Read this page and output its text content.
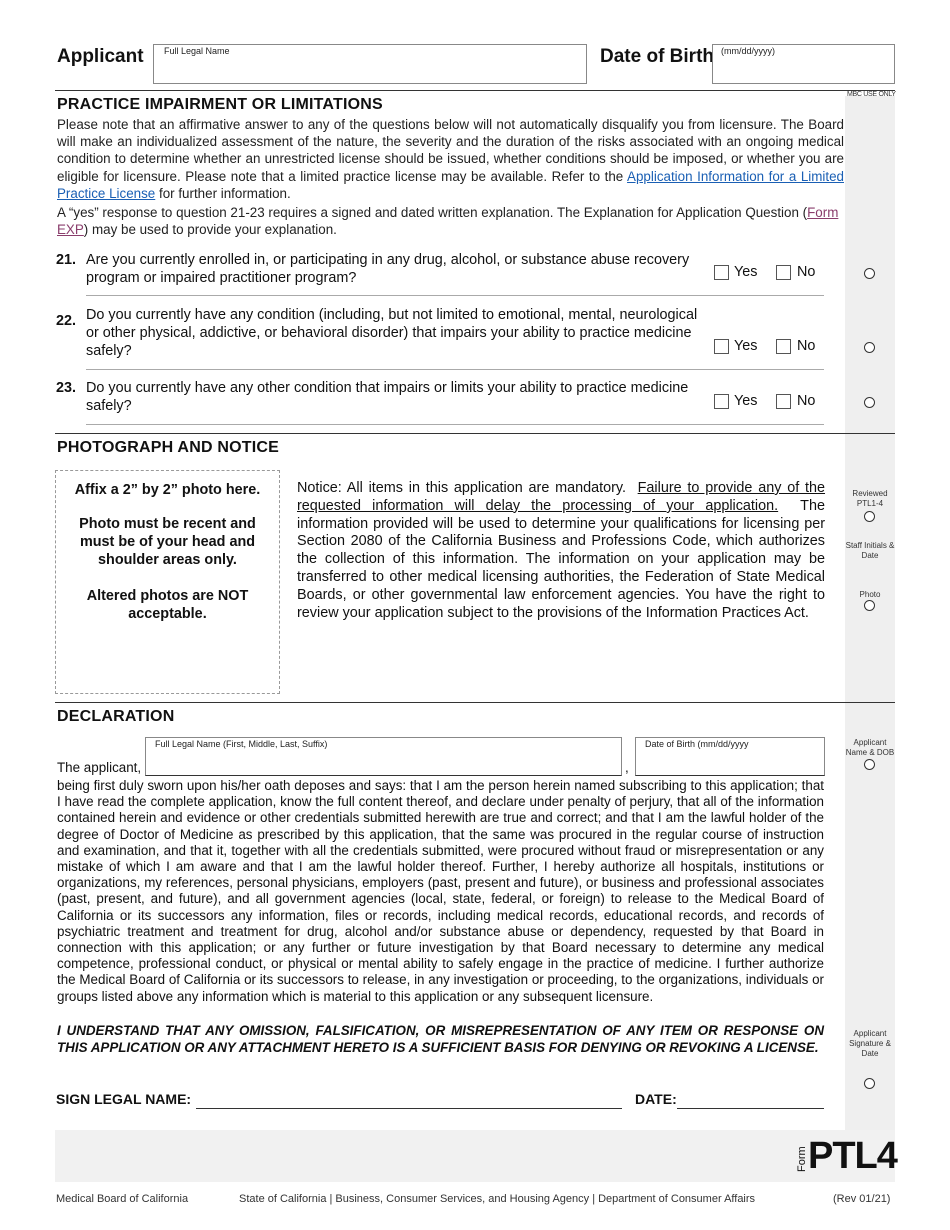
Applicant Full Legal Name	Date of Birth (mm/dd/yyyy)
MBC USE ONLY
PRACTICE IMPAIRMENT OR LIMITATIONS
Please note that an affirmative answer to any of the questions below will not automatically disqualify you from licensure. The Board will make an individualized assessment of the nature, the severity and the duration of the risks associated with an ongoing medical condition to determine whether an unrestricted license should be issued, whether conditions should be imposed, or whether you are eligible for licensure. Please note that a limited practice license may be available. Refer to the Application Information for a Limited Practice License for further information.
A “yes” response to question 21-23 requires a signed and dated written explanation. The Explanation for Application Question (Form EXP) may be used to provide your explanation.
21. Are you currently enrolled in, or participating in any drug, alcohol, or substance abuse recovery program or impaired practitioner program?	Yes	No
22. Do you currently have any condition (including, but not limited to emotional, mental, neurological or other physical, addictive, or behavioral disorder) that impairs your ability to practice medicine safely?	Yes	No
23. Do you currently have any other condition that impairs or limits your ability to practice medicine safely?	Yes	No
PHOTOGRAPH AND NOTICE
Affix a 2” by 2” photo here.
Photo must be recent and must be of your head and shoulder areas only.
Altered photos are NOT acceptable.
Notice: All items in this application are mandatory. Failure to provide any of the requested information will delay the processing of your application. The information provided will be used to determine your qualifications for licensing per Section 2080 of the California Business and Professions Code, which authorizes the collection of this information. The information on your application may be transferred to other medical licensing authorities, the Federation of State Medical Boards, or other governmental law enforcement agencies. You have the right to review your application subject to the provisions of the Information Practices Act.
Reviewed PTL1-4
Staff Initials & Date
Photo
DECLARATION
The applicant,
Full Legal Name (First, Middle, Last, Suffix)
,
Date of Birth (mm/dd/yyyy	Applicant Name & DOB
being first duly sworn upon his/her oath deposes and says: that I am the person herein named subscribing to this application; that I have read the complete application, know the full content thereof, and declare under penalty of perjury, that all of the information contained herein and evidence or other credentials submitted herewith are true and correct; and that I am the lawful holder of the degree of Doctor of Medicine as prescribed by this application, that the same was procured in the regular course of instruction and examination, and that it, together with all the credentials submitted, were procured without fraud or misrepresentation or any mistake of which I am aware and that I am the lawful holder thereof. Further, I hereby authorize all hospitals, institutions or organizations, my references, personal physicians, employers (past, present and future), or business and professional associates (past, present, and future), and all government agencies (local, state, federal, or foreign) to release to the Medical Board of California or its successors any information, files or records, including medical records, educational records, and records of psychiatric treatment and treatment for drug, alcohol and/or substance abuse or dependency, requested by that Board in connection with this application; or any further or future investigation by that Board necessary to determine any medical competence, professional conduct, or physical or mental ability to safely engage in the practice of medicine. I further authorize the Medical Board of California or its successors to release, in any investigation or proceeding, to the organizations, individuals or groups listed above any information which is material to this application or any subsequent licensure.
I UNDERSTAND THAT ANY OMISSION, FALSIFICATION, OR MISREPRESENTATION OF ANY ITEM OR RESPONSE ON THIS APPLICATION OR ANY ATTACHMENT HERETO IS A SUFFICIENT BASIS FOR DENYING OR REVOKING A LICENSE.
Applicant Signature & Date
SIGN LEGAL NAME:	DATE:
Form PTL4
Medical Board of California	State of California | Business, Consumer Services, and Housing Agency | Department of Consumer Affairs	(Rev 01/21)
